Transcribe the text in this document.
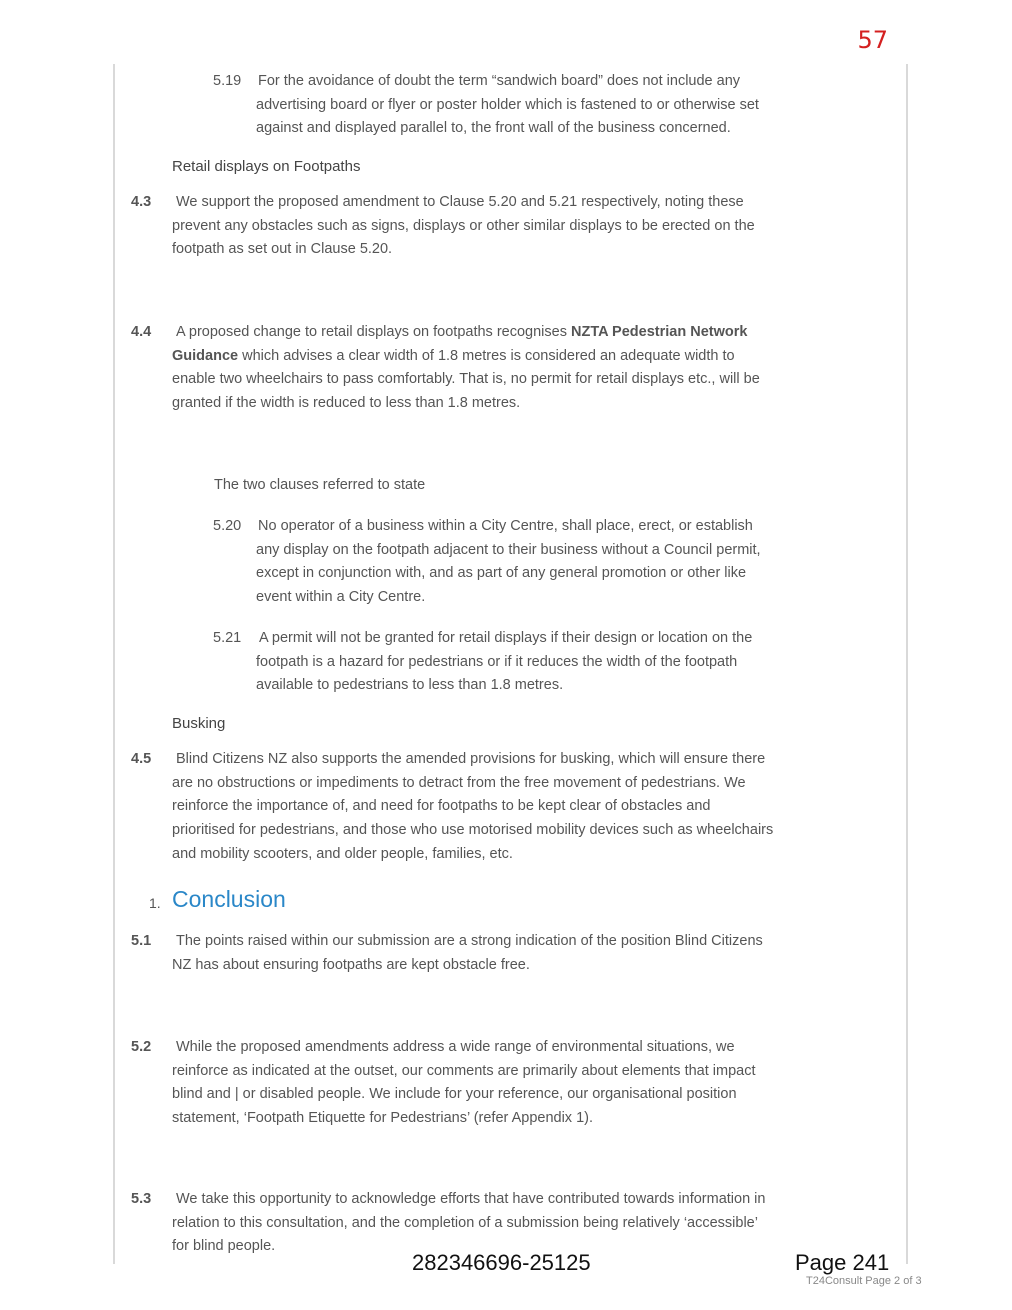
57
5.19 For the avoidance of doubt the term “sandwich board” does not include any
advertising board or flyer or poster holder which is fastened to or otherwise set
against and displayed parallel to, the front wall of the business concerned.
Retail displays on Footpaths
4.3 We support the proposed amendment to Clause 5.20 and 5.21 respectively, noting these
prevent any obstacles such as signs, displays or other similar displays to be erected on the
footpath as set out in Clause 5.20.
4.4 A proposed change to retail displays on footpaths recognises NZTA Pedestrian Network
Guidance which advises a clear width of 1.8 metres is considered an adequate width to
enable two wheelchairs to pass comfortably. That is, no permit for retail displays etc., will be
granted if the width is reduced to less than 1.8 metres.
The two clauses referred to state
5.20 No operator of a business within a City Centre, shall place, erect, or establish
any display on the footpath adjacent to their business without a Council permit,
except in conjunction with, and as part of any general promotion or other like
event within a City Centre.
5.21 A permit will not be granted for retail displays if their design or location on the
footpath is a hazard for pedestrians or if it reduces the width of the footpath
available to pedestrians to less than 1.8 metres.
Busking
4.5 Blind Citizens NZ also supports the amended provisions for busking, which will ensure there
are no obstructions or impediments to detract from the free movement of pedestrians. We
reinforce the importance of, and need for footpaths to be kept clear of obstacles and
prioritised for pedestrians, and those who use motorised mobility devices such as wheelchairs
and mobility scooters, and older people, families, etc.
1. Conclusion
5.1 The points raised within our submission are a strong indication of the position Blind Citizens
NZ has about ensuring footpaths are kept obstacle free.
5.2 While the proposed amendments address a wide range of environmental situations, we
reinforce as indicated at the outset, our comments are primarily about elements that impact
blind and | or disabled people. We include for your reference, our organisational position
statement, ‘Footpath Etiquette for Pedestrians’ (refer Appendix 1).
5.3 We take this opportunity to acknowledge efforts that have contributed towards information in
relation to this consultation, and the completion of a submission being relatively ‘accessible’
for blind people.
282346696-25125	Page 241
T24Consult Page 2 of 3
